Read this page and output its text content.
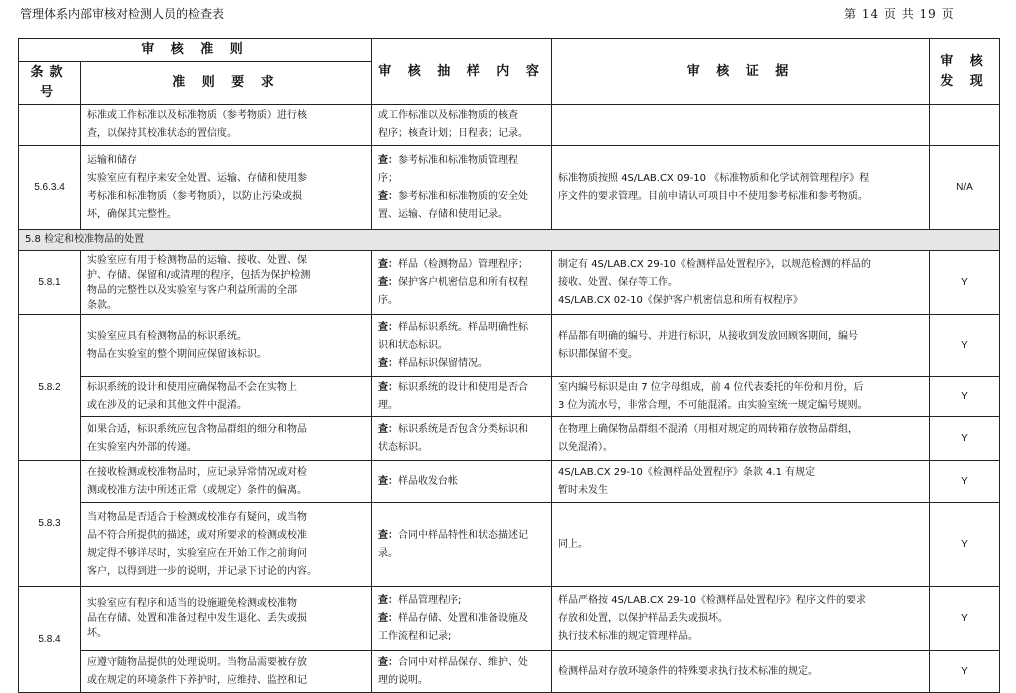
管理体系内部审核对检测人员的检查表	第 14 页 共 19 页
审 核 准 则		审 核 抽 样 内 容	审 核 证 据	审 核 发 现
条款号	准 则 要 求			
	标准或工作标准以及标准物质（参考物质）进行核
查，以保持其校准状态的置信度。	或工作标准以及标准物质的核查
程序；核查计划；日程表；记录。		
5.6.3.4	运输和储存
实验室应有程序来安全处置、运输、存储和使用参
考标准和标准物质（参考物质），以防止污染或损
坏，确保其完整性。	查：参考标准和标准物质管理程
序；
查：参考标准和标准物质的安全处
置、运输、存储和使用记录。	标准物质按照 4S/LAB.CX 09-10 《标准物质和化学试剂管理程序》程
序文件的要求管理。目前申请认可项目中不使用参考标准和参考物质。	N/A
5.8 检定和校准物品的处置				
5.8.1	实验室应有用于检测物品的运输、接收、处置、保
护、存储、保留和/或清理的程序，包括为保护检测
物品的完整性以及实验室与客户利益所需的全部
条款。	查：样品（检测物品）管理程序；
查：保护客户机密信息和所有权程
序。	制定有 4S/LAB.CX 29-10《检测样品处置程序》，以规范检测的样品的
接收、处置、保存等工作。
4S/LAB.CX 02-10《保护客户机密信息和所有权程序》	Y
5.8.2	实验室应具有检测物品的标识系统。
物品在实验室的整个期间应保留该标识。	查：样品标识系统。样品明确性标
识和状态标识。
查：样品标识保留情况。	样品都有明确的编号、并进行标识，从接收到发放回顾客期间，编号
标识都保留不变。	Y
	标识系统的设计和使用应确保物品不会在实物上
或在涉及的记录和其他文件中混淆。	查：标识系统的设计和使用是否合
理。	室内编号标识是由 7 位字母组成，前 4 位代表委托的年份和月份，后
3 位为流水号，非常合理，不可能混淆。由实验室统一规定编号规则。	Y
	如果合适，标识系统应包含物品群组的细分和物品
在实验室内外部的传递。	查：标识系统是否包含分类标识和
状态标识。	在物理上确保物品群组不混淆（用相对规定的周转箱存放物品群组，
以免混淆）。	Y
5.8.3	在接收检测或校准物品时，应记录异常情况或对检
测或校准方法中所述正常（或规定）条件的偏离。	查：样品收发台帐	4S/LAB.CX 29-10《检测样品处置程序》条款 4.1 有规定
暂时未发生	Y
	当对物品是否适合于检测或校准存有疑问，或当物
品不符合所提供的描述，或对所要求的检测或校准
规定得不够详尽时，实验室应在开始工作之前询问
客户，以得到进一步的说明，并记录下讨论的内容。	查：合同中样品特性和状态描述记
录。	同上。	Y
5.8.4	实验室应有程序和适当的设施避免检测或校准物
品在存储、处置和准备过程中发生退化、丢失或损
坏。	查：样品管理程序;
查：样品存储、处置和准备设施及
工作流程和记录;	样品严格按 4S/LAB.CX 29-10《检测样品处置程序》程序文件的要求
存放和处置，以保护样品丢失或损坏。
执行技术标准的规定管理样品。	Y
	应遵守随物品提供的处理说明。当物品需要被存放
或在规定的环境条件下养护时，应维持、监控和记	查：合同中对样品保存、维护、处
理的说明。	检测样品对存放环境条件的特殊要求执行技术标准的规定。	Y
